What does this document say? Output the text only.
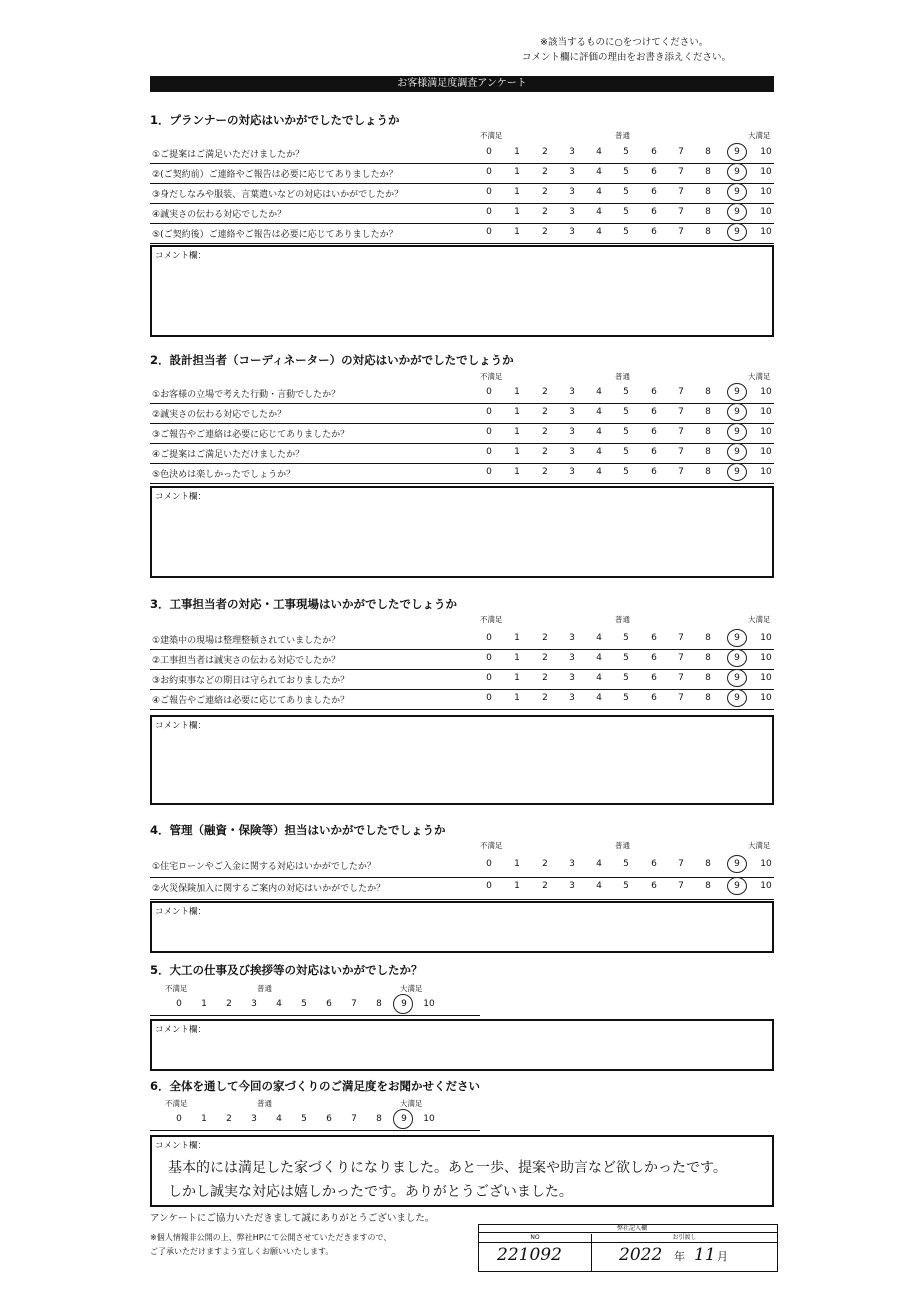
※該当するものに○をつけてください。
コメント欄に評価の理由をお書き添えください。
お客様満足度調査アンケート
1．プランナーの対応はいかがでしたでしょうか
不満足	普通	大満足
①ご提案はご満足いただけましたか？	0	1	2	3	4	5	6	7	8	9	10
②(ご契約前）ご連絡やご報告は必要に応じてありましたか？	0	1	2	3	4	5	6	7	8	9	10
③身だしなみや服装、言葉遣いなどの対応はいかがでしたか？	0	1	2	3	4	5	6	7	8	9	10
④誠実さの伝わる対応でしたか？	0	1	2	3	4	5	6	7	8	9	10
⑤(ご契約後）ご連絡やご報告は必要に応じてありましたか？	0	1	2	3	4	5	6	7	8	9	10
コメント欄：
2．設計担当者（コーディネーター）の対応はいかがでしたでしょうか
不満足	普通	大満足
①お客様の立場で考えた行動・言動でしたか？	0	1	2	3	4	5	6	7	8	9	10
②誠実さの伝わる対応でしたか？	0	1	2	3	4	5	6	7	8	9	10
③ご報告やご連絡は必要に応じてありましたか？	0	1	2	3	4	5	6	7	8	9	10
④ご提案はご満足いただけましたか？	0	1	2	3	4	5	6	7	8	9	10
⑤色決めは楽しかったでしょうか？	0	1	2	3	4	5	6	7	8	9	10
コメント欄：
3．工事担当者の対応・工事現場はいかがでしたでしょうか
不満足	普通	大満足
①建築中の現場は整理整頓されていましたか？	0	1	2	3	4	5	6	7	8	9	10
②工事担当者は誠実さの伝わる対応でしたか？	0	1	2	3	4	5	6	7	8	9	10
③お約束事などの期日は守られておりましたか？	0	1	2	3	4	5	6	7	8	9	10
④ご報告やご連絡は必要に応じてありましたか？	0	1	2	3	4	5	6	7	8	9	10
コメント欄：
4．管理（融資・保険等）担当はいかがでしたでしょうか
不満足	普通	大満足
①住宅ローンやご入金に関する対応はいかがでしたか？	0	1	2	3	4	5	6	7	8	9	10
②火災保険加入に関するご案内の対応はいかがでしたか？	0	1	2	3	4	5	6	7	8	9	10
コメント欄：
5．大工の仕事及び挨拶等の対応はいかがでしたか？
不満足	普通	大満足
0	1	2	3	4	5	6	7	8	9	10
コメント欄：
6．全体を通して今回の家づくりのご満足度をお聞かせください
不満足	普通	大満足
0	1	2	3	4	5	6	7	8	9	10
コメント欄：
基本的には満足した家づくりになりました。あと一歩、提案や助言など欲しかったです。
しかし誠実な対応は嬉しかったです。ありがとうございました。
アンケートにご協力いただきまして誠にありがとうございました。
※個人情報非公開の上、弊社HPにて公開させていただきますので、
ご了承いただけますよう宜しくお願いいたします。
弊社記入欄
NO	お引渡し
221092	2022 年 11 月
